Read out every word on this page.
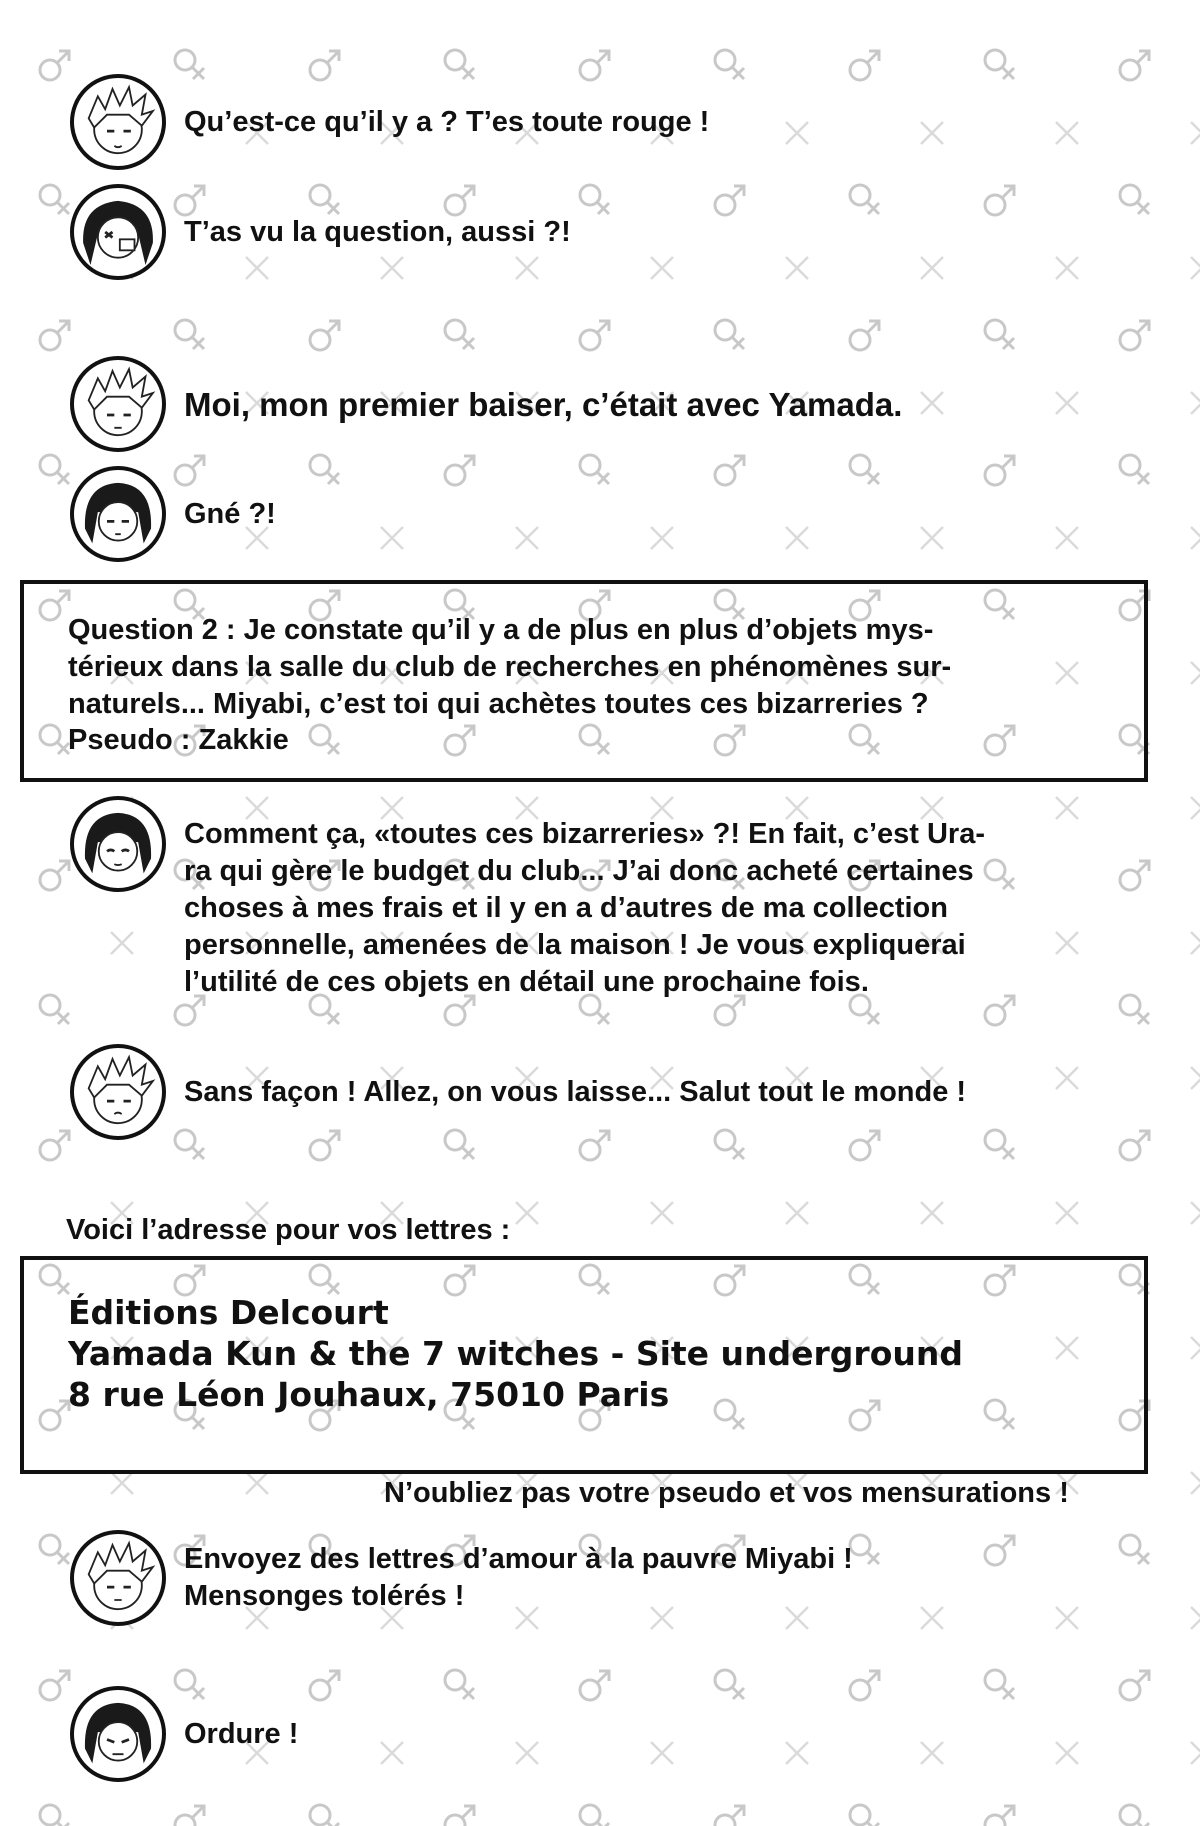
Qu’est-ce qu’il y a ? T’es toute rouge !
T’as vu la question, aussi ?!
Moi, mon premier baiser, c’était avec Yamada.
Gné ?!
Question 2 : Je constate qu’il y a de plus en plus d’objets mys-
térieux dans la salle du club de recherches en phénomènes sur-
naturels... Miyabi, c’est toi qui achètes toutes ces bizarreries ?
Pseudo : Zakkie
Comment ça, «toutes ces bizarreries» ?! En fait, c’est Ura-
ra qui gère le budget du club... J’ai donc acheté certaines
choses à mes frais et il y en a d’autres de ma collection
personnelle, amenées de la maison ! Je vous expliquerai
l’utilité de ces objets en détail une prochaine fois.
Sans façon ! Allez, on vous laisse... Salut tout le monde !
Voici l’adresse pour vos lettres :
Éditions Delcourt
Yamada Kun & the 7 witches - Site underground
8 rue Léon Jouhaux, 75010 Paris
N’oubliez pas votre pseudo et vos mensurations !
Envoyez des lettres d’amour à la pauvre Miyabi !
Mensonges tolérés !
Ordure !
